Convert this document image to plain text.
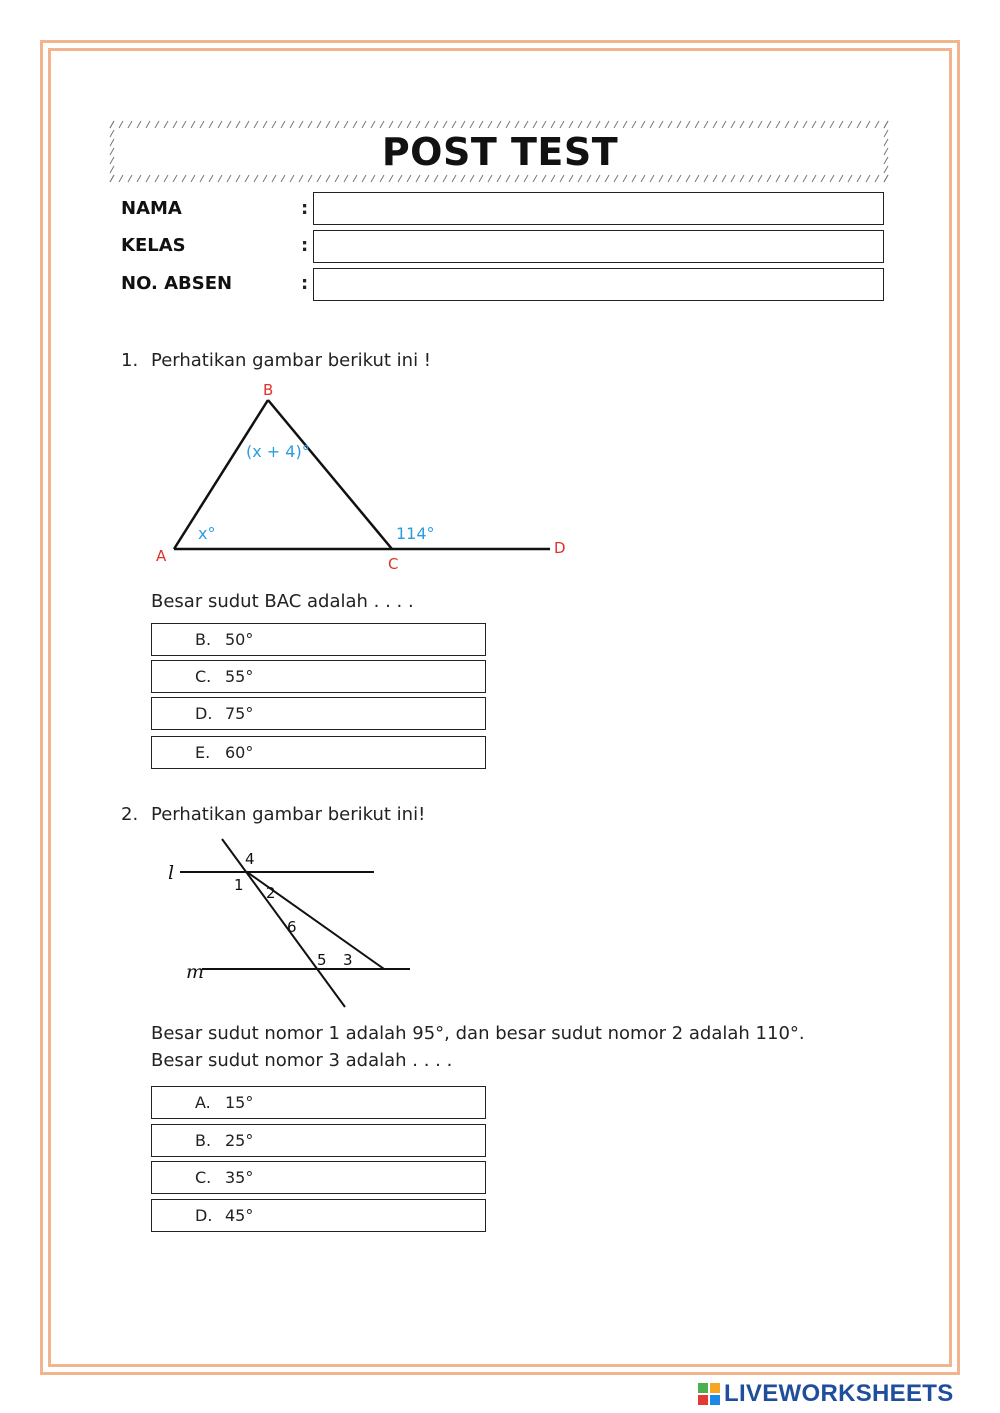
POST TEST
NAMA	:
KELAS	:
NO. ABSEN	:
1. Perhatikan gambar berikut ini !
B
A	C
D
(x + 4)°
x°	114°
Besar sudut BAC adalah . . . .
B. 50°
C. 55°
D. 75°
E. 60°
2. Perhatikan gambar berikut ini!
l
m
4
1 2
6
5 3
Besar sudut nomor 1 adalah 95°, dan besar sudut nomor 2 adalah 110°.
Besar sudut nomor 3 adalah . . . .
A. 15°
B. 25°
C. 35°
D. 45°
LIVEWORKSHEETS
